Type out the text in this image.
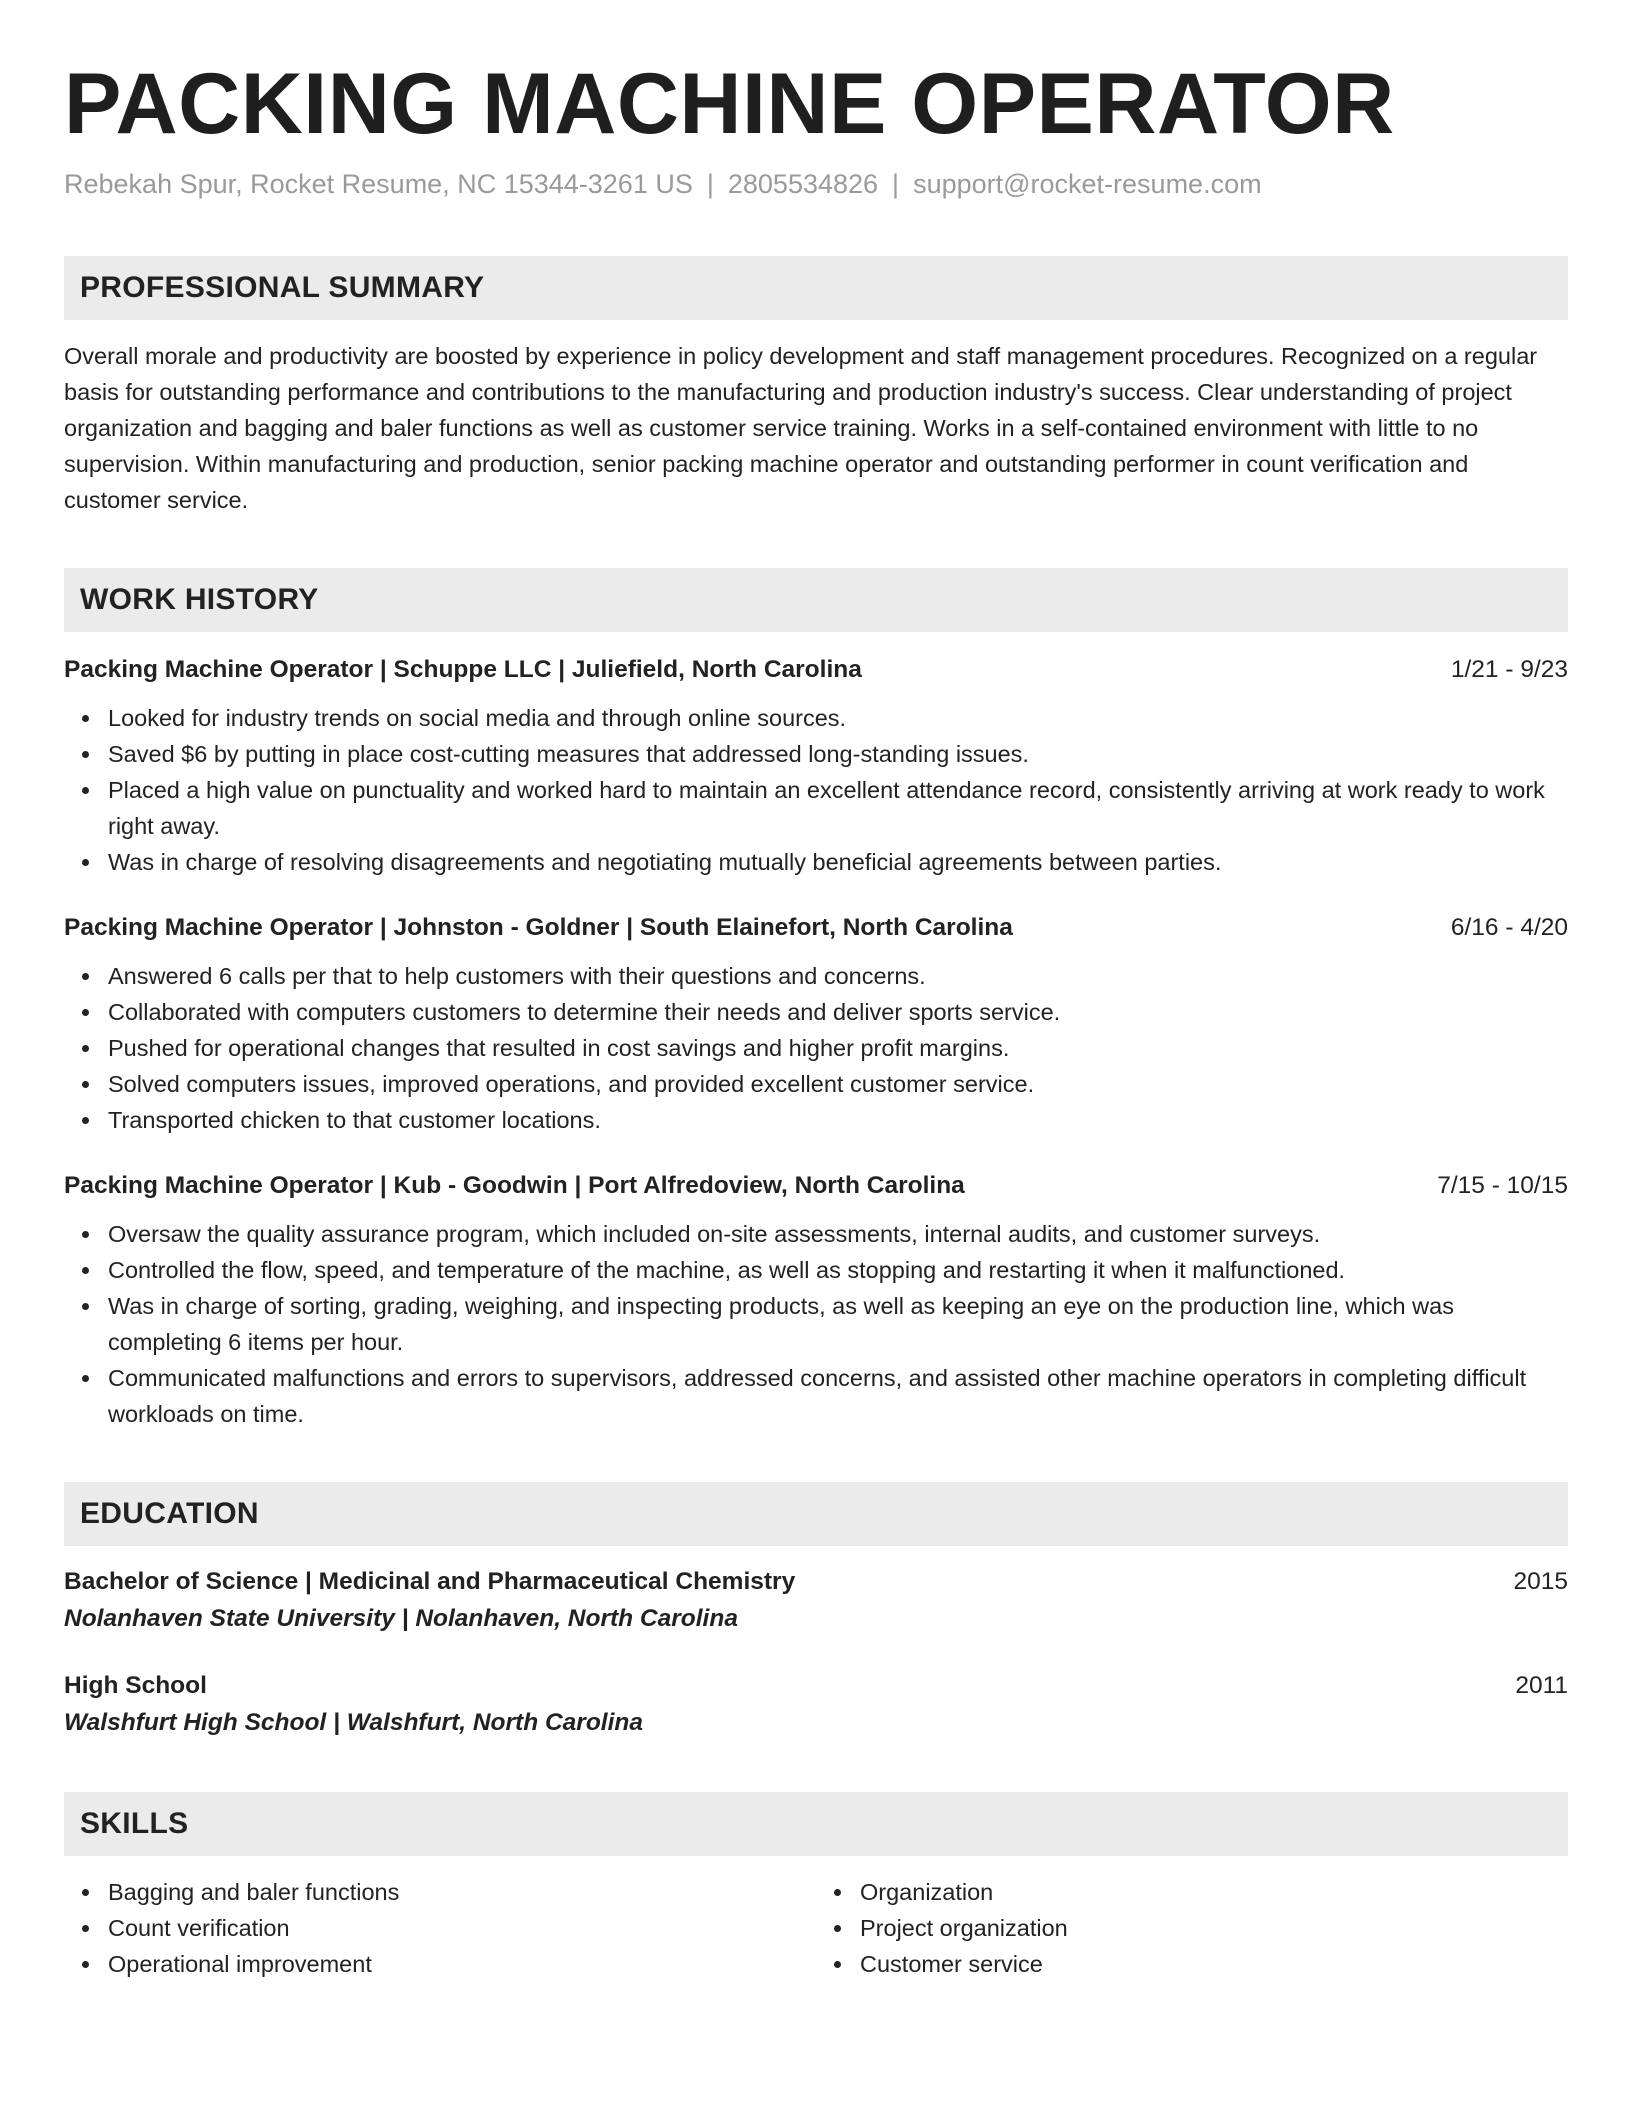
PACKING MACHINE OPERATOR
Rebekah Spur, Rocket Resume, NC 15344-3261 US | 2805534826 | support@rocket-resume.com
PROFESSIONAL SUMMARY
Overall morale and productivity are boosted by experience in policy development and staff management procedures. Recognized on a regular basis for outstanding performance and contributions to the manufacturing and production industry's success. Clear understanding of project organization and bagging and baler functions as well as customer service training. Works in a self-contained environment with little to no supervision. Within manufacturing and production, senior packing machine operator and outstanding performer in count verification and customer service.
WORK HISTORY
Packing Machine Operator | Schuppe LLC | Juliefield, North Carolina	1/21 - 9/23
Looked for industry trends on social media and through online sources.
Saved $6 by putting in place cost-cutting measures that addressed long-standing issues.
Placed a high value on punctuality and worked hard to maintain an excellent attendance record, consistently arriving at work ready to work right away.
Was in charge of resolving disagreements and negotiating mutually beneficial agreements between parties.
Packing Machine Operator | Johnston - Goldner | South Elainefort, North Carolina	6/16 - 4/20
Answered 6 calls per that to help customers with their questions and concerns.
Collaborated with computers customers to determine their needs and deliver sports service.
Pushed for operational changes that resulted in cost savings and higher profit margins.
Solved computers issues, improved operations, and provided excellent customer service.
Transported chicken to that customer locations.
Packing Machine Operator | Kub - Goodwin | Port Alfredoview, North Carolina	7/15 - 10/15
Oversaw the quality assurance program, which included on-site assessments, internal audits, and customer surveys.
Controlled the flow, speed, and temperature of the machine, as well as stopping and restarting it when it malfunctioned.
Was in charge of sorting, grading, weighing, and inspecting products, as well as keeping an eye on the production line, which was completing 6 items per hour.
Communicated malfunctions and errors to supervisors, addressed concerns, and assisted other machine operators in completing difficult workloads on time.
EDUCATION
Bachelor of Science | Medicinal and Pharmaceutical Chemistry	2015
Nolanhaven State University | Nolanhaven, North Carolina
High School	2011
Walshfurt High School | Walshfurt, North Carolina
SKILLS
Bagging and baler functions
Count verification
Operational improvement
Organization
Project organization
Customer service
